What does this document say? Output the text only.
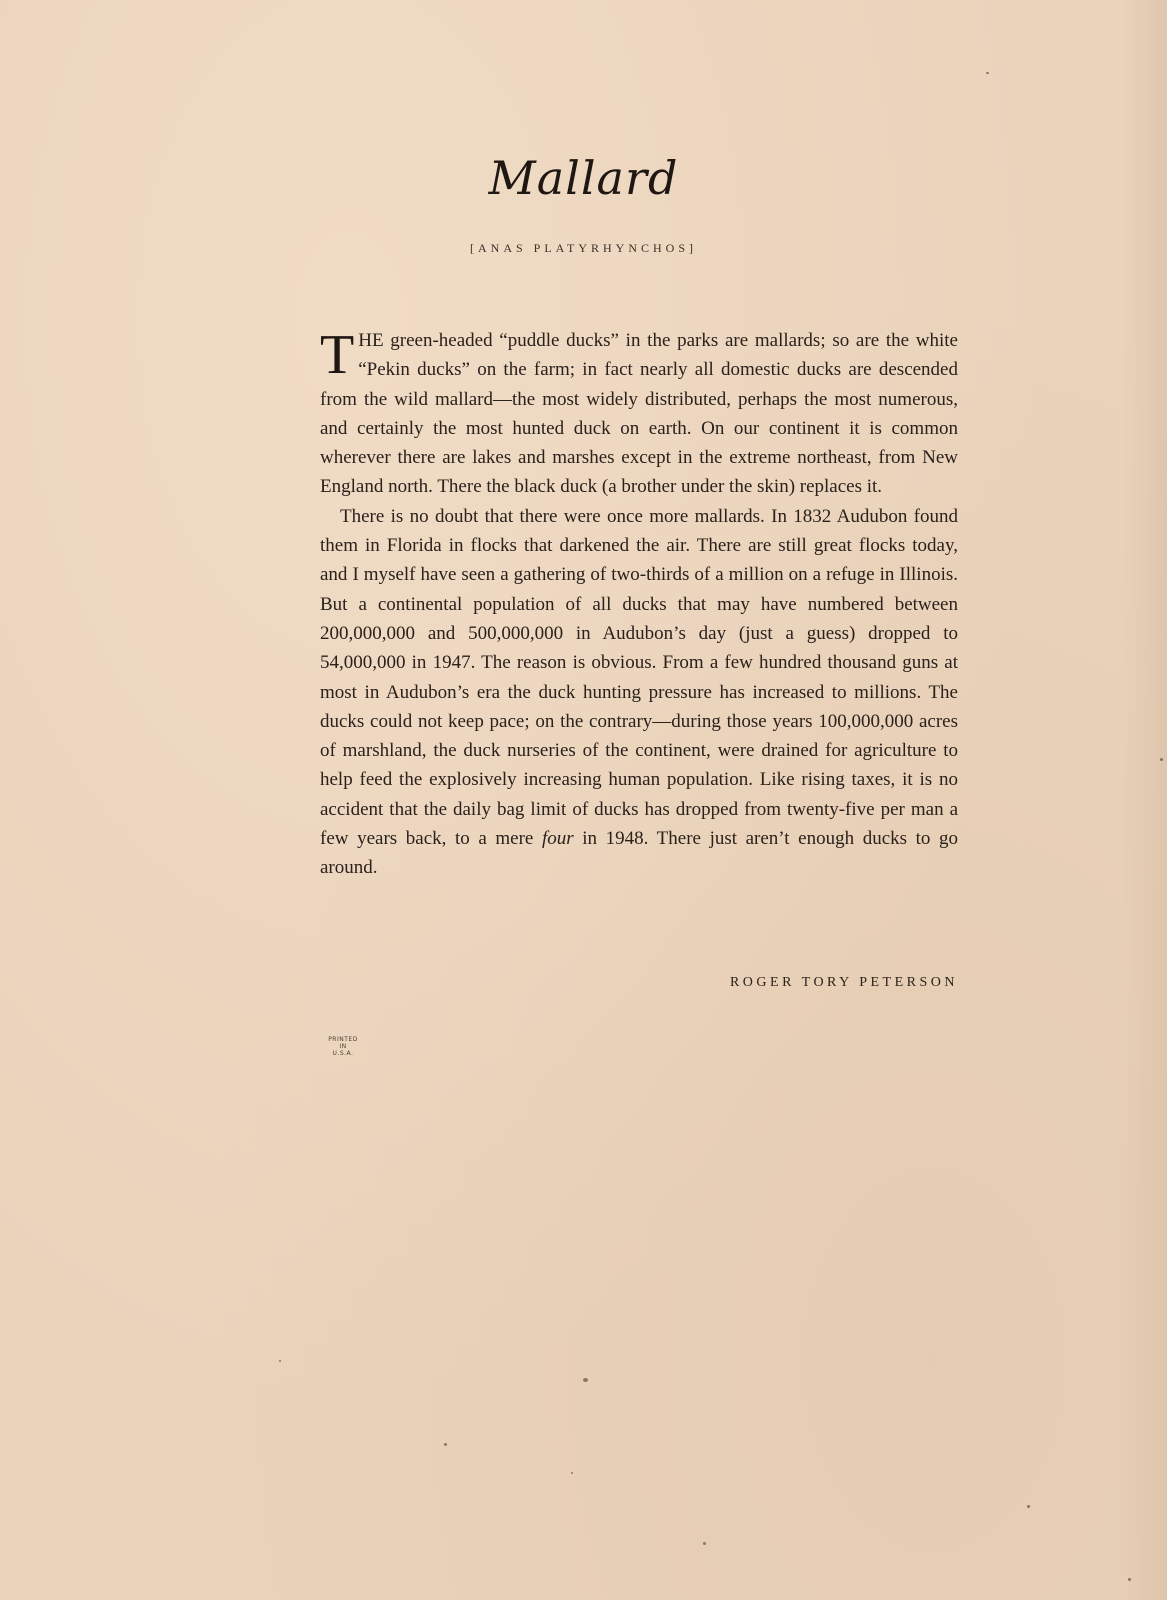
Mallard
[ANAS PLATYRHYNCHOS]

THE green-headed “puddle ducks” in the parks are mallards; so are the white “Pekin ducks” on the farm; in fact nearly all domestic ducks are descended from the wild mallard—the most widely distributed, perhaps the most numerous, and certainly the most hunted duck on earth. On our continent it is common wherever there are lakes and marshes except in the extreme northeast, from New England north. There the black duck (a brother under the skin) replaces it.

There is no doubt that there were once more mallards. In 1832 Audubon found them in Florida in flocks that darkened the air. There are still great flocks today, and I myself have seen a gathering of two-thirds of a million on a refuge in Illinois. But a continental population of all ducks that may have numbered between 200,000,000 and 500,000,000 in Audubon’s day (just a guess) dropped to 54,000,000 in 1947. The reason is obvious. From a few hundred thousand guns at most in Audubon’s era the duck hunting pressure has increased to millions. The ducks could not keep pace; on the contrary—during those years 100,000,000 acres of marshland, the duck nurseries of the continent, were drained for agriculture to help feed the explosively increasing human population. Like rising taxes, it is no accident that the daily bag limit of ducks has dropped from twenty-five per man a few years back, to a mere four in 1948. There just aren’t enough ducks to go around.

ROGER TORY PETERSON
PRINTED
IN
U.S.A.
